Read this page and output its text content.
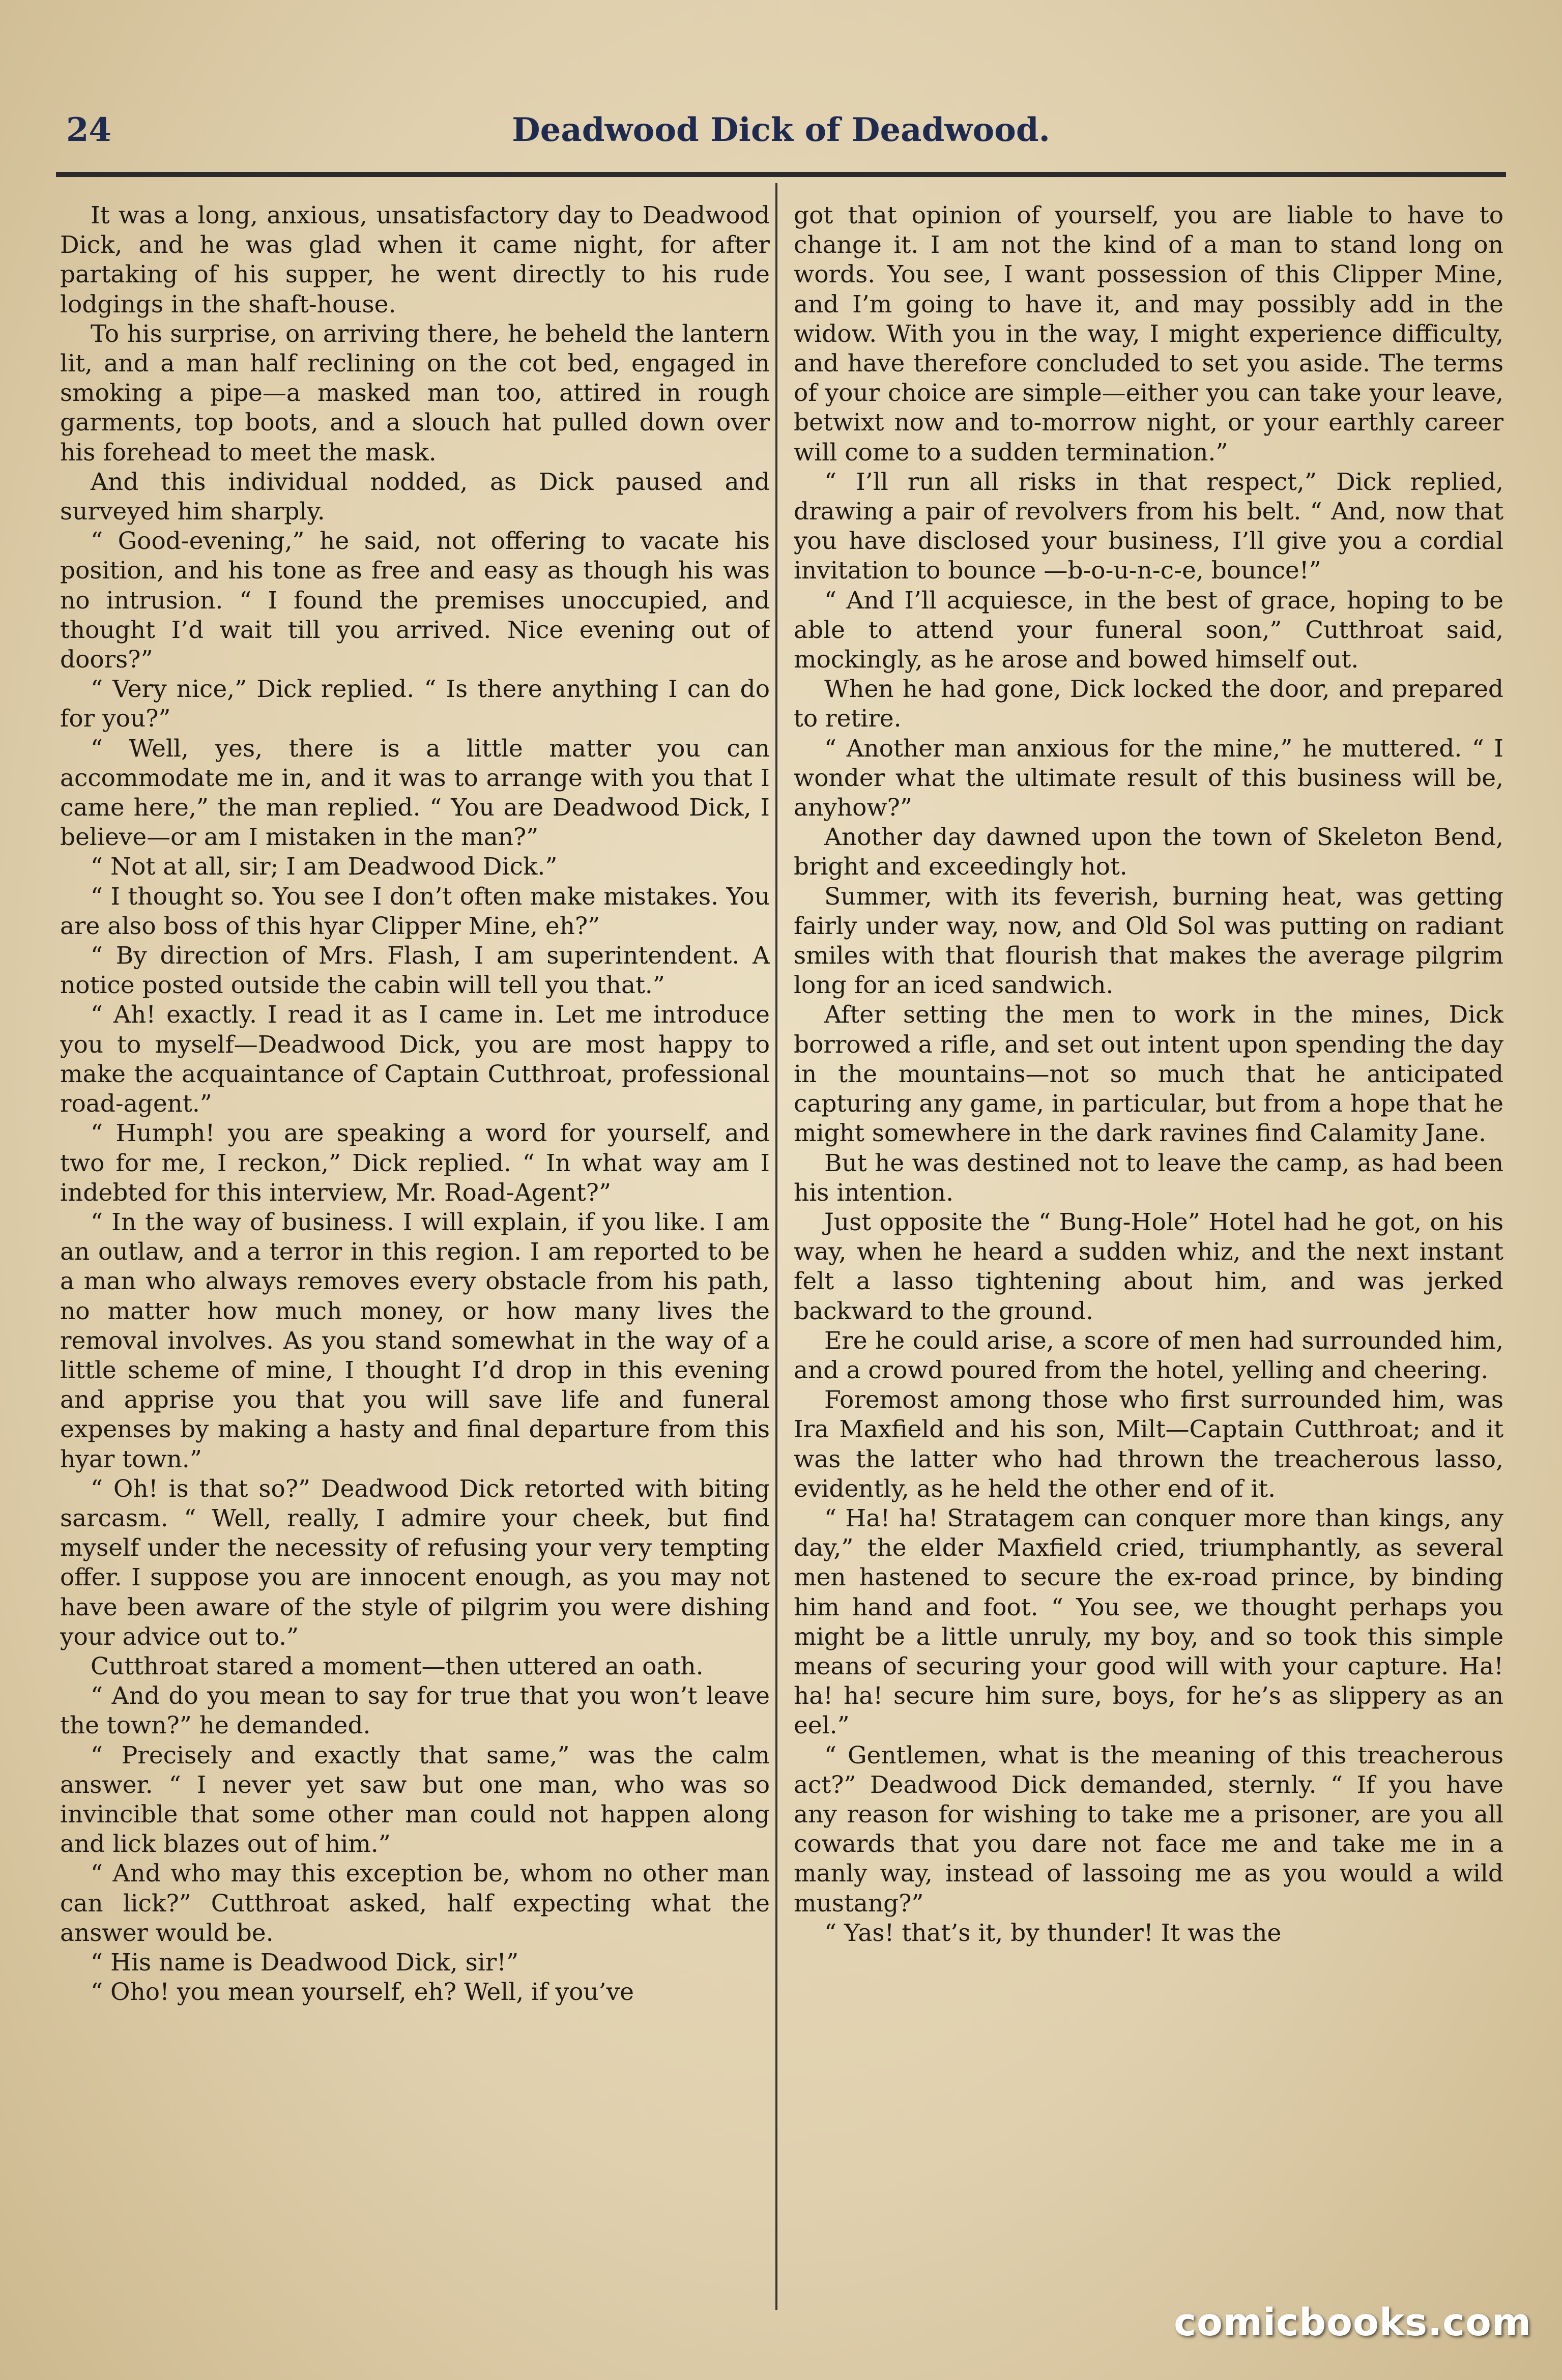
24	Deadwood Dick of Deadwood.

It was a long, anxious, unsatisfactory day to Deadwood Dick, and he was glad when it came night, for after partaking of his supper, he went directly to his rude lodgings in the shaft-house.

To his surprise, on arriving there, he beheld the lantern lit, and a man half reclining on the cot bed, engaged in smoking a pipe—a masked man too, attired in rough garments, top boots, and a slouch hat pulled down over his forehead to meet the mask.

And this individual nodded, as Dick paused and surveyed him sharply.

“ Good-evening,” he said, not offering to vacate his position, and his tone as free and easy as though his was no intrusion. “ I found the premises unoccupied, and thought I’d wait till you arrived. Nice evening out of doors?”

“ Very nice,” Dick replied. “ Is there anything I can do for you?”

“ Well, yes, there is a little matter you can accommodate me in, and it was to arrange with you that I came here,” the man replied. “ You are Deadwood Dick, I believe—or am I mistaken in the man?”

“ Not at all, sir; I am Deadwood Dick.”

“ I thought so. You see I don’t often make mistakes. You are also boss of this hyar Clipper Mine, eh?”

“ By direction of Mrs. Flash, I am superintendent. A notice posted outside the cabin will tell you that.”

“ Ah! exactly. I read it as I came in. Let me introduce you to myself—Deadwood Dick, you are most happy to make the acquaintance of Captain Cutthroat, professional road-agent.”

“ Humph! you are speaking a word for yourself, and two for me, I reckon,” Dick replied. “ In what way am I indebted for this interview, Mr. Road-Agent?”

“ In the way of business. I will explain, if you like. I am an outlaw, and a terror in this region. I am reported to be a man who always removes every obstacle from his path, no matter how much money, or how many lives the removal involves. As you stand somewhat in the way of a little scheme of mine, I thought I’d drop in this evening and apprise you that you will save life and funeral expenses by making a hasty and final departure from this hyar town.”

“ Oh! is that so?” Deadwood Dick retorted with biting sarcasm. “ Well, really, I admire your cheek, but find myself under the necessity of refusing your very tempting offer. I suppose you are innocent enough, as you may not have been aware of the style of pilgrim you were dishing your advice out to.”

Cutthroat stared a moment—then uttered an oath.

“ And do you mean to say for true that you won’t leave the town?” he demanded.

“ Precisely and exactly that same,” was the calm answer. “ I never yet saw but one man, who was so invincible that some other man could not happen along and lick blazes out of him.”

“ And who may this exception be, whom no other man can lick?” Cutthroat asked, half expecting what the answer would be.

“ His name is Deadwood Dick, sir!”

“ Oho! you mean yourself, eh? Well, if you’ve

got that opinion of yourself, you are liable to have to change it. I am not the kind of a man to stand long on words. You see, I want possession of this Clipper Mine, and I’m going to have it, and may possibly add in the widow. With you in the way, I might experience difficulty, and have therefore concluded to set you aside. The terms of your choice are simple—either you can take your leave, betwixt now and to-morrow night, or your earthly career will come to a sudden termination.”

“ I’ll run all risks in that respect,” Dick replied, drawing a pair of revolvers from his belt. “ And, now that you have disclosed your business, I’ll give you a cordial invitation to bounce —b-o-u-n-c-e, bounce!”

“ And I’ll acquiesce, in the best of grace, hoping to be able to attend your funeral soon,” Cutthroat said, mockingly, as he arose and bowed himself out.

When he had gone, Dick locked the door, and prepared to retire.

“ Another man anxious for the mine,” he muttered. “ I wonder what the ultimate result of this business will be, anyhow?”

Another day dawned upon the town of Skeleton Bend, bright and exceedingly hot.

Summer, with its feverish, burning heat, was getting fairly under way, now, and Old Sol was putting on radiant smiles with that flourish that makes the average pilgrim long for an iced sandwich.

After setting the men to work in the mines, Dick borrowed a rifle, and set out intent upon spending the day in the mountains—not so much that he anticipated capturing any game, in particular, but from a hope that he might somewhere in the dark ravines find Calamity Jane.

But he was destined not to leave the camp, as had been his intention.

Just opposite the “ Bung-Hole” Hotel had he got, on his way, when he heard a sudden whiz, and the next instant felt a lasso tightening about him, and was jerked backward to the ground.

Ere he could arise, a score of men had surrounded him, and a crowd poured from the hotel, yelling and cheering.

Foremost among those who first surrounded him, was Ira Maxfield and his son, Milt—Captain Cutthroat; and it was the latter who had thrown the treacherous lasso, evidently, as he held the other end of it.

“ Ha! ha! Stratagem can conquer more than kings, any day,” the elder Maxfield cried, triumphantly, as several men hastened to secure the ex-road prince, by binding him hand and foot. “ You see, we thought perhaps you might be a little unruly, my boy, and so took this simple means of securing your good will with your capture. Ha! ha! ha! secure him sure, boys, for he’s as slippery as an eel.”

“ Gentlemen, what is the meaning of this treacherous act?” Deadwood Dick demanded, sternly. “ If you have any reason for wishing to take me a prisoner, are you all cowards that you dare not face me and take me in a manly way, instead of lassoing me as you would a wild mustang?”

“ Yas! that’s it, by thunder! It was the

comicbooks.com
